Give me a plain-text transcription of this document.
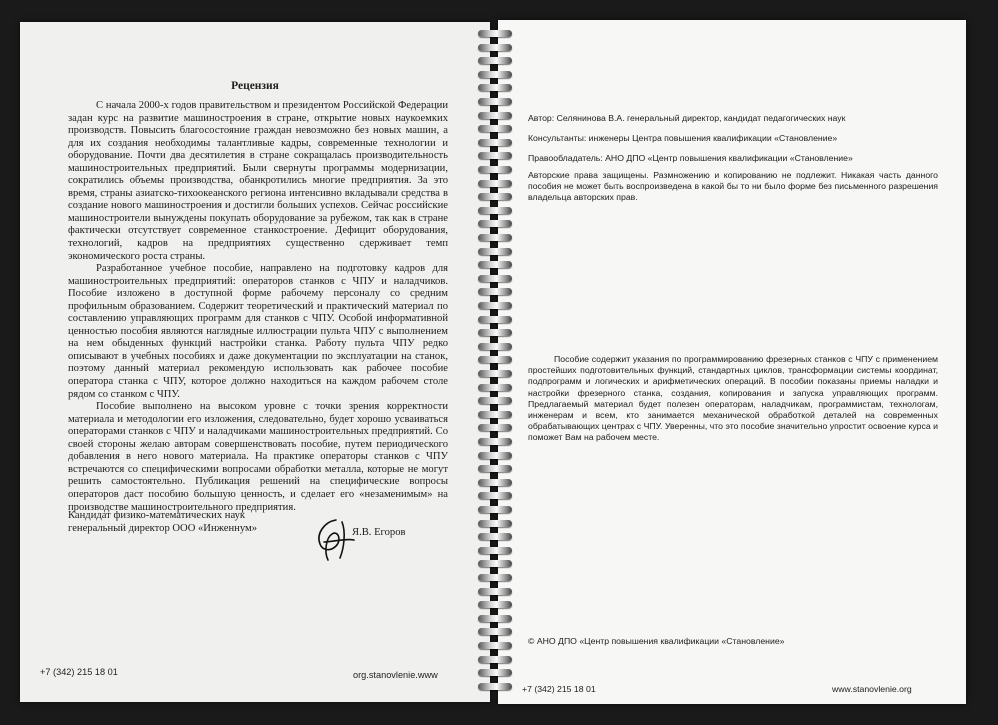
Рецензия

С начала 2000-х годов правительством и президентом Российской Федерации задан курс на развитие машиностроения в стране, открытие новых наукоемких производств. Повысить благосостояние граждан невозможно без новых машин, а для их создания необходимы талантливые кадры, современные технологии и оборудование. Почти два десятилетия в стране сокращалась производительность машиностроительных предприятий. Были свернуты программы модернизации, сократились объемы производства, обанкротились многие предприятия. За это время, страны азиатско-тихоокеанского региона интенсивно вкладывали средства в создание нового машиностроения и достигли больших успехов. Сейчас российские машиностроители вынуждены покупать оборудование за рубежом, так как в стране фактически отсутствует современное станкостроение. Дефицит оборудования, технологий, кадров на предприятиях существенно сдерживает темп экономического роста страны.

Разработанное учебное пособие, направлено на подготовку кадров для машиностроительных предприятий: операторов станков с ЧПУ и наладчиков. Пособие изложено в доступной форме рабочему персоналу со средним профильным образованием. Содержит теоретический и практический материал по составлению управляющих программ для станков с ЧПУ. Особой информативной ценностью пособия являются наглядные иллюстрации пульта ЧПУ с выполнением на нем обыденных функций настройки станка. Работу пульта ЧПУ редко описывают в учебных пособиях и даже документации по эксплуатации на станок, поэтому данный материал рекомендую использовать как рабочее пособие оператора станка с ЧПУ, которое должно находиться на каждом рабочем столе рядом со станком с ЧПУ.

Пособие выполнено на высоком уровне с точки зрения корректности материала и методологии его изложения, следовательно, будет хорошо усваиваться операторами станков с ЧПУ и наладчиками машиностроительных предприятий. Со своей стороны желаю авторам совершенствовать пособие, путем периодического добавления в него нового материала. На практике операторы станков с ЧПУ встречаются со специфическими вопросами обработки металла, которые не могут решить самостоятельно. Публикация решений на специфические вопросы операторов даст пособию большую ценность, и сделает его «незаменимым» на производстве машиностроительного предприятия.

Кандидат физико-математических наук
генеральный директор ООО «Инженнум»	Я.В. Егоров
+7 (342) 215 18 01	org.stanovlenie.www
Автор: Селянинова В.А. генеральный директор, кандидат педагогических наук
Консультанты: инженеры Центра повышения квалификации «Становление»
Правообладатель: АНО ДПО «Центр повышения квалификации «Становление»
Авторские права защищены. Размножению и копированию не подлежит. Никакая часть данного пособия не может быть воспроизведена в какой бы то ни было форме без письменного разрешения владельца авторских прав.

Пособие содержит указания по программированию фрезерных станков с ЧПУ с применением простейших подготовительных функций, стандартных циклов, трансформации системы координат, подпрограмм и логических и арифметических операций. В пособии показаны приемы наладки и настройки фрезерного станка, создания, копирования и запуска управляющих программ. Предлагаемый материал будет полезен операторам, наладчикам, программистам, технологам, инженерам и всем, кто занимается механической обработкой деталей на современных обрабатывающих центрах с ЧПУ. Уверенны, что это пособие значительно упростит освоение курса и поможет Вам на рабочем месте.

© АНО ДПО «Центр повышения квалификации «Становление»
+7 (342) 215 18 01	www.stanovlenie.org
